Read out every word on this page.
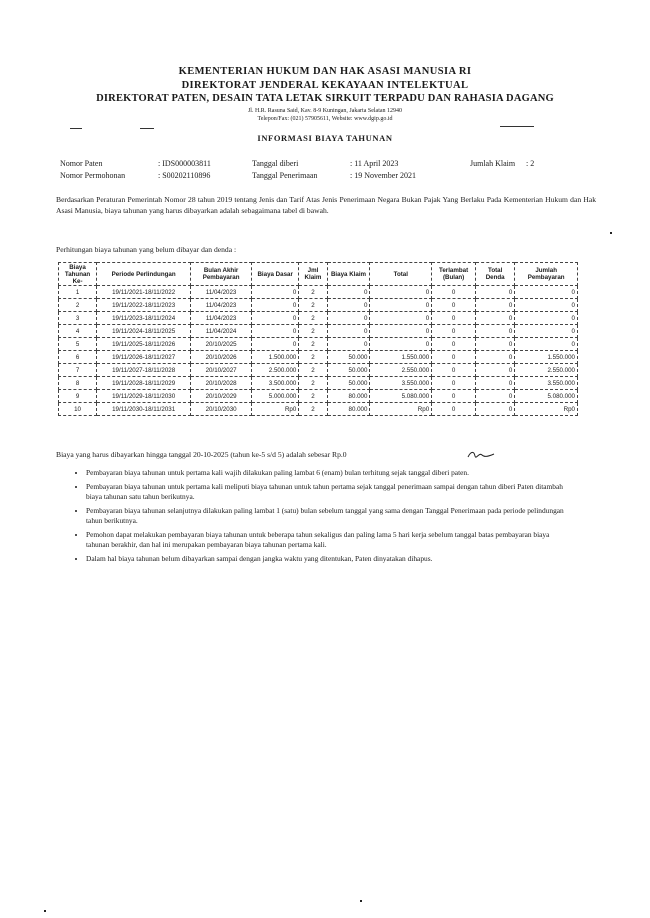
KEMENTERIAN HUKUM DAN HAK ASASI MANUSIA RI
DIREKTORAT JENDERAL KEKAYAAN INTELEKTUAL
DIREKTORAT PATEN, DESAIN TATA LETAK SIRKUIT TERPADU DAN RAHASIA DAGANG
Jl. H.R. Rasuna Said, Kav. 8-9 Kuningan, Jakarta Selatan 12940
Telepon/Fax: (021) 57905611, Website: www.dgip.go.id
INFORMASI BIAYA TAHUNAN
Nomor Paten	: IDS000003811
Nomor Permohonan	: S00202110896
Tanggal diberi	: 11 April 2023
Tanggal Penerimaan	: 19 November 2021
Jumlah Klaim : 2

Berdasarkan Peraturan Pemerintah Nomor 28 tahun 2019 tentang Jenis dan Tarif Atas Jenis Penerimaan Negara Bukan Pajak Yang Berlaku Pada Kementerian Hukum dan Hak Asasi Manusia, biaya tahunan yang harus dibayarkan adalah sebagaimana tabel di bawah.

Perhitungan biaya tahunan yang belum dibayar dan denda :

Biaya Tahunan Ke-	Periode Perlindungan	Bulan Akhir Pembayaran	Biaya Dasar	Jml Klaim	Biaya Klaim	Total	Terlambat (Bulan)	Total Denda	Jumlah Pembayaran
1	19/11/2021-18/11/2022	11/04/2023	0	2	0	0	0	0	0
2	19/11/2022-18/11/2023	11/04/2023	0	2	0	0	0	0	0
3	19/11/2023-18/11/2024	11/04/2023	0	2	0	0	0	0	0
4	19/11/2024-18/11/2025	11/04/2024	0	2	0	0	0	0	0
5	19/11/2025-18/11/2026	20/10/2025	0	2	0	0	0	0	0
6	19/11/2026-18/11/2027	20/10/2026	1.500.000	2	50.000	1.550.000	0	0	1.550.000
7	19/11/2027-18/11/2028	20/10/2027	2.500.000	2	50.000	2.550.000	0	0	2.550.000
8	19/11/2028-18/11/2029	20/10/2028	3.500.000	2	50.000	3.550.000	0	0	3.550.000
9	19/11/2029-18/11/2030	20/10/2029	5.000.000	2	80.000	5.080.000	0	0	5.080.000
10	19/11/2030-18/11/2031	20/10/2030	Rp0	2	80.000	Rp0	0	0	Rp0

Biaya yang harus dibayarkan hingga tanggal 20-10-2025 (tahun ke-5 s/d 5) adalah sebesar Rp.0

• Pembayaran biaya tahunan untuk pertama kali wajih dilakukan paling lambat 6 (enam) bulan terhitung sejak tanggal diberi paten.
• Pembayaran biaya tahunan untuk pertama kali meliputi biaya tahunan untuk tahun pertama sejak tanggal penerimaan sampai dengan tahun diberi Paten ditambah biaya tahunan satu tahun berikutnya.
• Pembayaran biaya tahunan selanjutnya dilakukan paling lambat 1 (satu) bulan sebelum tanggal yang sama dengan Tanggal Penerimaan pada periode pelindungan tahun berikutnya.
• Pemohon dapat melakukan pembayaran biaya tahunan untuk beberapa tahun sekaligus dan paling lama 5 hari kerja sebelum tanggal batas pembayaran biaya tahunan berakhir, dan hal ini merupakan pembayaran biaya tahunan pertama kali.
• Dalam hal biaya tahunan belum dibayarkan sampai dengan jangka waktu yang ditentukan, Paten dinyatakan dihapus.
